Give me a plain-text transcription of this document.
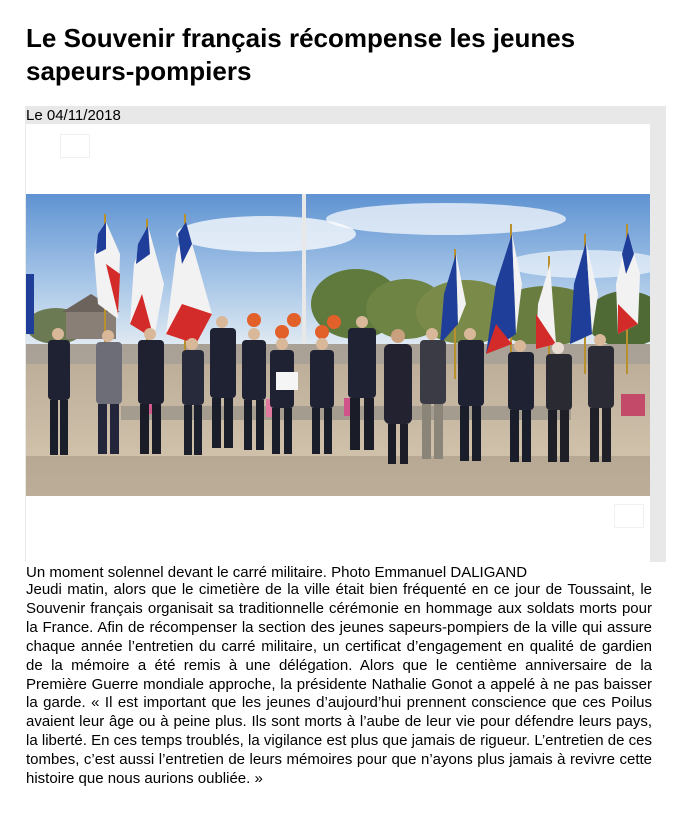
Le Souvenir français récompense les jeunes sapeurs-pompiers
Le 04/11/2018

Un moment solennel devant le carré militaire. Photo Emmanuel DALIGAND

Jeudi matin, alors que le cimetière de la ville était bien fréquenté en ce jour de Toussaint, le Souvenir français organisait sa traditionnelle cérémonie en hommage aux soldats morts pour la France. Afin de récompenser la section des jeunes sapeurs-pompiers de la ville qui assure chaque année l’entretien du carré militaire, un certificat d’engagement en qualité de gardien de la mémoire a été remis à une délégation. Alors que le centième anniversaire de la Première Guerre mondiale approche, la présidente Nathalie Gonot a appelé à ne pas baisser la garde. « Il est important que les jeunes d’aujourd’hui prennent conscience que ces Poilus avaient leur âge ou à peine plus. Ils sont morts à l’aube de leur vie pour défendre leurs pays, la liberté. En ces temps troublés, la vigilance est plus que jamais de rigueur. L’entretien de ces tombes, c’est aussi l’entretien de leurs mémoires pour que n’ayons plus jamais à revivre cette histoire que nous aurions oubliée. »
